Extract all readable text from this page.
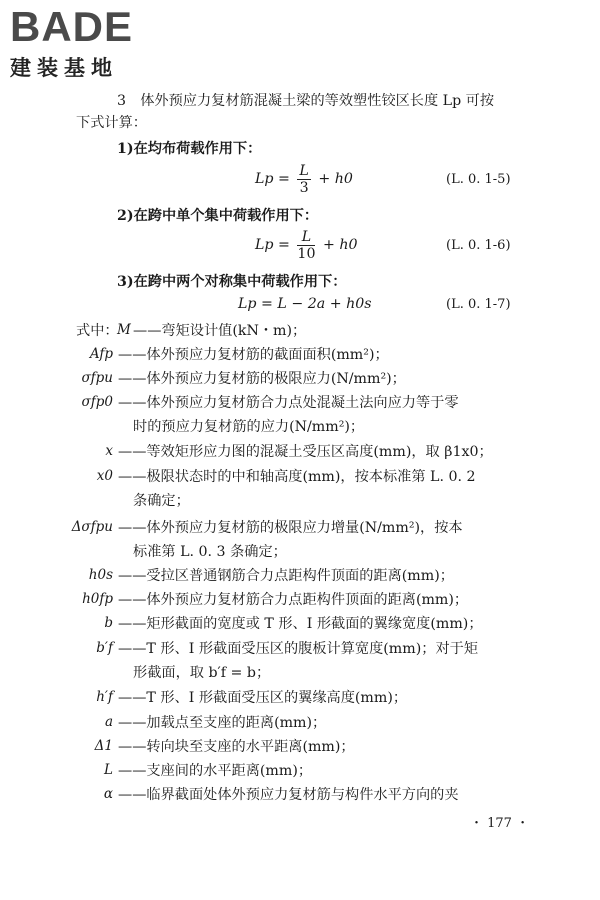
BADE
建装基地
3　体外预应力复材筋混凝土梁的等效塑性铰区长度 Lp 可按
下式计算：
1)在均布荷载作用下：
$Lp = \frac{L}{3} + h0$	(L. 0. 1-5)
2)在跨中单个集中荷载作用下：
$Lp = \frac{L}{10} + h0$	(L. 0. 1-6)
3)在跨中两个对称集中荷载作用下：
Lp = L − 2a + h0s	(L. 0. 1-7)
式中：
M ——弯矩设计值(kN・m)；
Afp ——体外预应力复材筋的截面面积(mm²)；
σfpu ——体外预应力复材筋的极限应力(N/mm²)；
σfp0 ——体外预应力复材筋合力点处混凝土法向应力等于零
时的预应力复材筋的应力(N/mm²)；
x ——等效矩形应力图的混凝土受压区高度(mm)，取 β1x0；
x0 ——极限状态时的中和轴高度(mm)，按本标准第 L. 0. 2
条确定；
Δσfpu ——体外预应力复材筋的极限应力增量(N/mm²)，按本
标准第 L. 0. 3 条确定；
h0s ——受拉区普通钢筋合力点距构件顶面的距离(mm)；
h0fp ——体外预应力复材筋合力点距构件顶面的距离(mm)；
b ——矩形截面的宽度或 T 形、I 形截面的翼缘宽度(mm)；
b′f ——T 形、I 形截面受压区的腹板计算宽度(mm)；对于矩
形截面，取 b′f = b；
h′f ——T 形、I 形截面受压区的翼缘高度(mm)；
a ——加载点至支座的距离(mm)；
Δ1 ——转向块至支座的水平距离(mm)；
L ——支座间的水平距离(mm)；
α ——临界截面处体外预应力复材筋与构件水平方向的夹
・ 177 ・
